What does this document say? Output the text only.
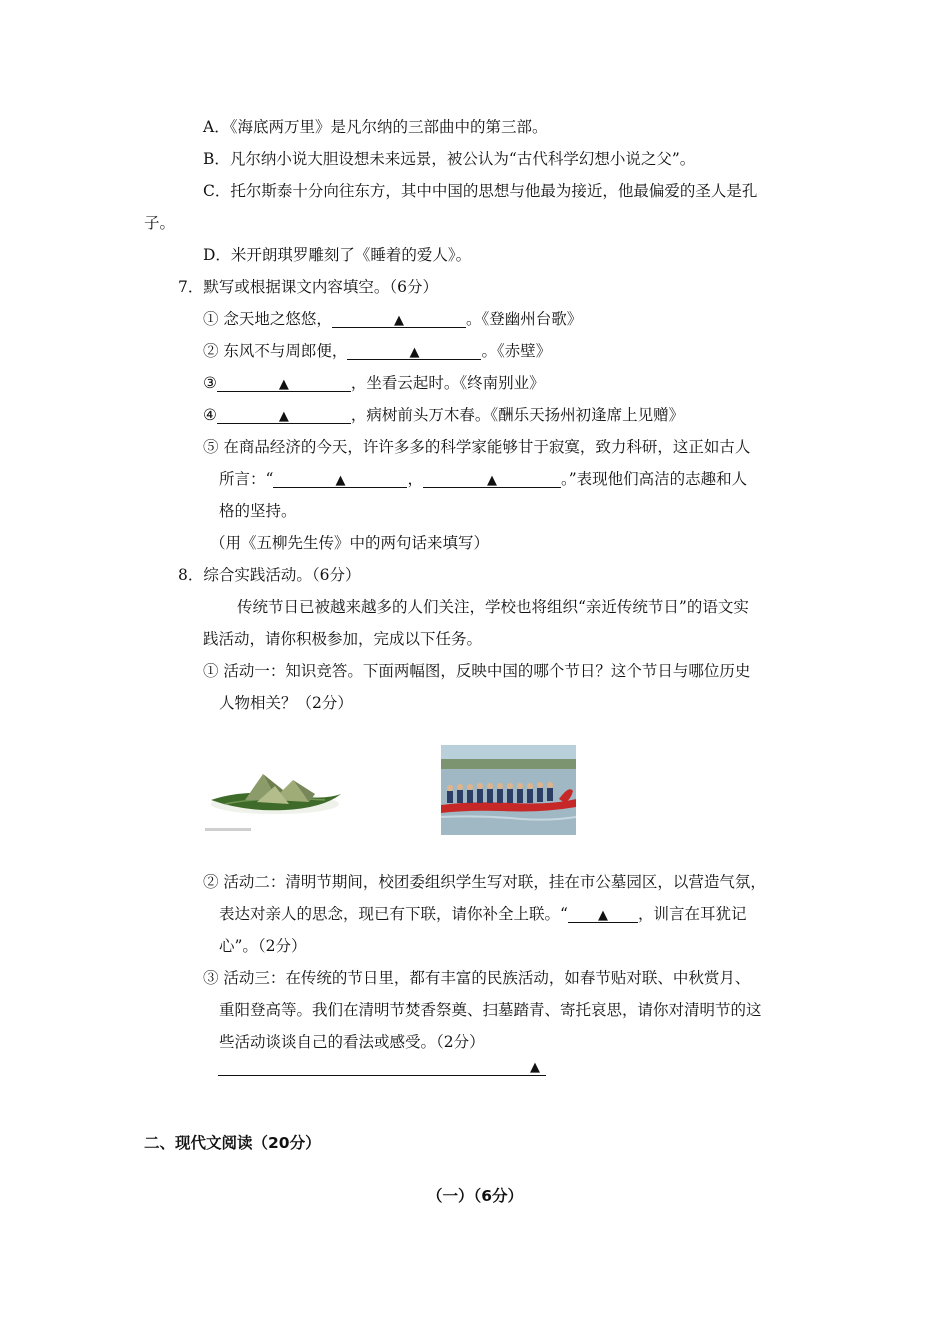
A．《海底两万里》是凡尔纳的三部曲中的第三部。
B．凡尔纳小说大胆设想未来远景，被公认为“古代科学幻想小说之父”。
C．托尔斯泰十分向往东方，其中中国的思想与他最为接近，他最偏爱的圣人是孔
子。
D．米开朗琪罗雕刻了《睡着的爱人》。
7．默写或根据课文内容填空。（6分）
① 念天地之悠悠，	▲	。《登幽州台歌》
② 东风不与周郎便，	▲	。《赤壁》
③	▲	，坐看云起时。《终南别业》
④	▲	，病树前头万木春。《酬乐天扬州初逢席上见赠》
⑤ 在商品经济的今天，许许多多的科学家能够甘于寂寞，致力科研，这正如古人
所言：“	▲	，	▲	。”表现他们高洁的志趣和人
格的坚持。
（用《五柳先生传》中的两句话来填写）
8．综合实践活动。（6分）
传统节日已被越来越多的人们关注，学校也将组织“亲近传统节日”的语文实
践活动，请你积极参加，完成以下任务。
① 活动一：知识竞答。下面两幅图，反映中国的哪个节日？这个节日与哪位历史
人物相关？（2分）
② 活动二：清明节期间，校团委组织学生写对联，挂在市公墓园区，以营造气氛，
表达对亲人的思念，现已有下联，请你补全上联。“ ▲ ，训言在耳犹记
心”。（2分）
③ 活动三：在传统的节日里，都有丰富的民族活动，如春节贴对联、中秋赏月、
重阳登高等。我们在清明节焚香祭奠、扫墓踏青、寄托哀思，请你对清明节的这
些活动谈谈自己的看法或感受。（2分）
▲
二、现代文阅读（20分）
（一）（6分）
